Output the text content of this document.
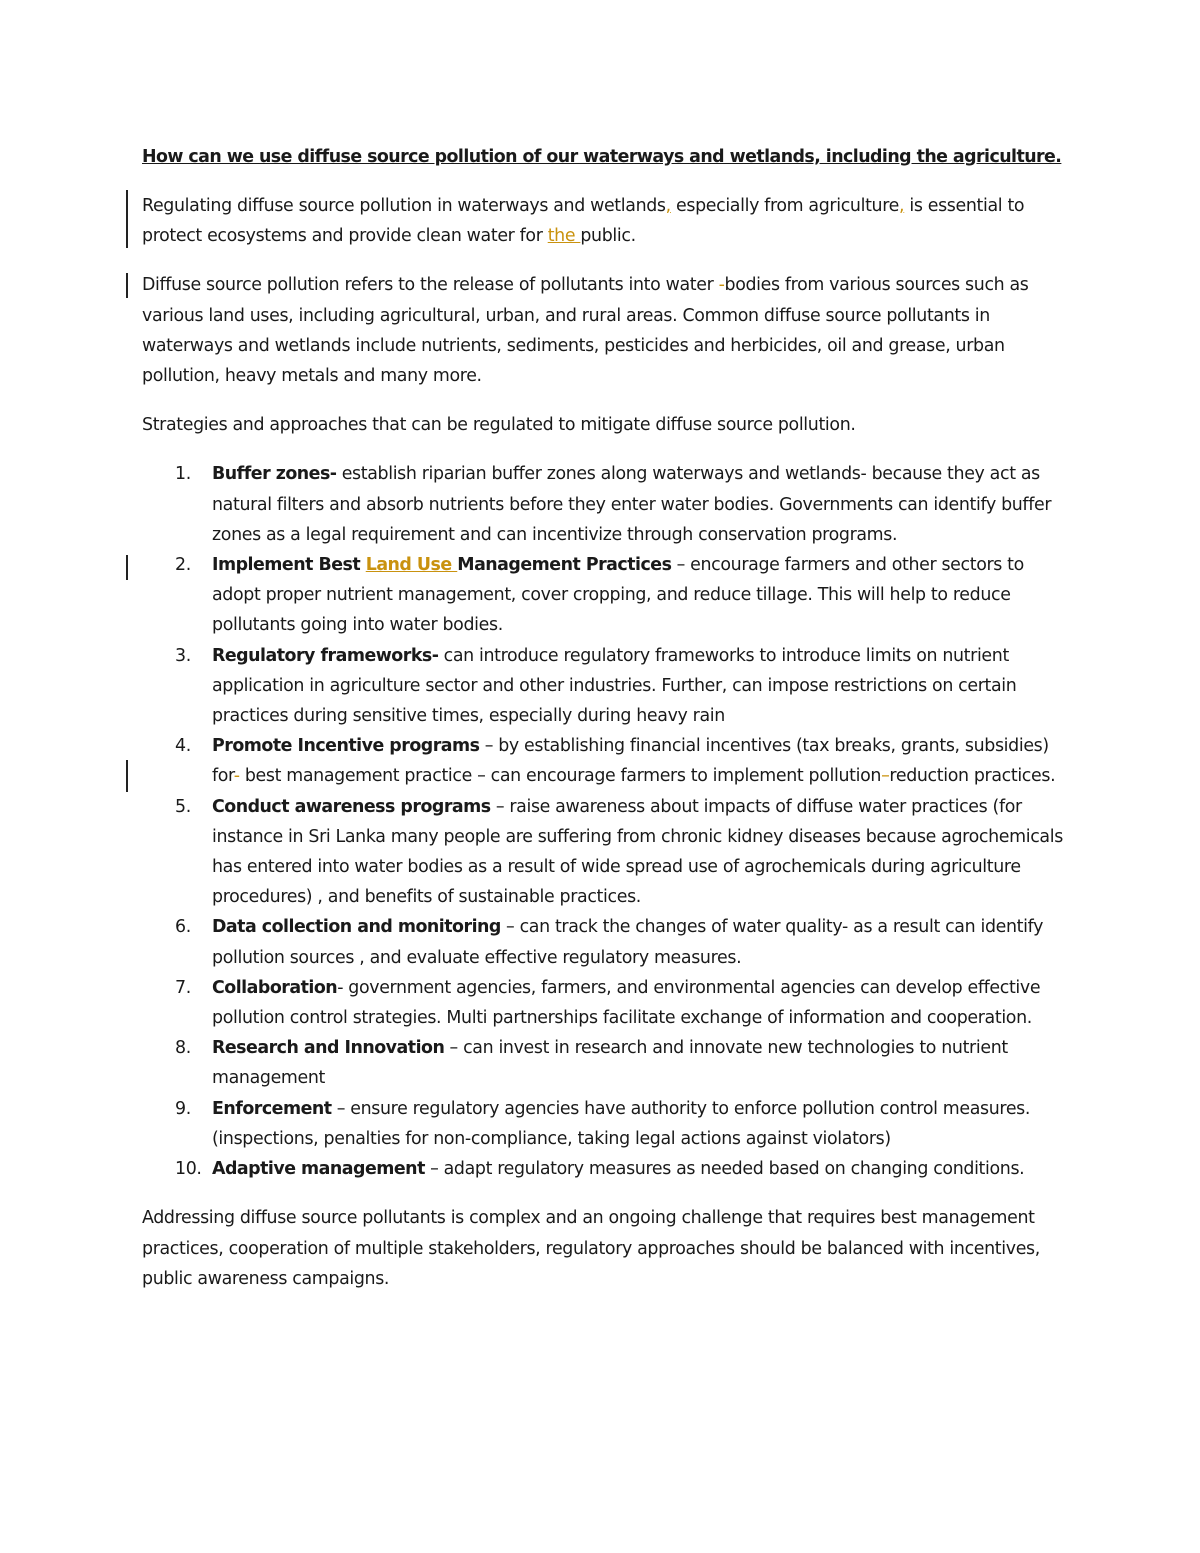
How can we use diffuse source pollution of our waterways and wetlands, including the agriculture.

Regulating diffuse source pollution in waterways and wetlands, especially from agriculture, is essential to protect ecosystems and provide clean water for the public.

Diffuse source pollution refers to the release of pollutants into water -bodies from various sources such as various land uses, including agricultural, urban, and rural areas. Common diffuse source pollutants in waterways and wetlands include nutrients, sediments, pesticides and herbicides, oil and grease, urban pollution, heavy metals and many more.

Strategies and approaches that can be regulated to mitigate diffuse source pollution.

1. Buffer zones- establish riparian buffer zones along waterways and wetlands- because they act as natural filters and absorb nutrients before they enter water bodies. Governments can identify buffer zones as a legal requirement and can incentivize through conservation programs.
2. Implement Best Land Use Management Practices – encourage farmers and other sectors to adopt proper nutrient management, cover cropping, and reduce tillage. This will help to reduce pollutants going into water bodies.
3. Regulatory frameworks- can introduce regulatory frameworks to introduce limits on nutrient application in agriculture sector and other industries. Further, can impose restrictions on certain practices during sensitive times, especially during heavy rain
4. Promote Incentive programs – by establishing financial incentives (tax breaks, grants, subsidies) for- best management practice – can encourage farmers to implement pollution–reduction practices.
5. Conduct awareness programs – raise awareness about impacts of diffuse water practices (for instance in Sri Lanka many people are suffering from chronic kidney diseases because agrochemicals has entered into water bodies as a result of wide spread use of agrochemicals during agriculture procedures) , and benefits of sustainable practices.
6. Data collection and monitoring – can track the changes of water quality- as a result can identify pollution sources , and evaluate effective regulatory measures.
7. Collaboration- government agencies, farmers, and environmental agencies can develop effective pollution control strategies. Multi partnerships facilitate exchange of information and cooperation.
8. Research and Innovation – can invest in research and innovate new technologies to nutrient management
9. Enforcement – ensure regulatory agencies have authority to enforce pollution control measures.(inspections, penalties for non-compliance, taking legal actions against violators)
10. Adaptive management – adapt regulatory measures as needed based on changing conditions.

Addressing diffuse source pollutants is complex and an ongoing challenge that requires best management practices, cooperation of multiple stakeholders, regulatory approaches should be balanced with incentives, public awareness campaigns.
